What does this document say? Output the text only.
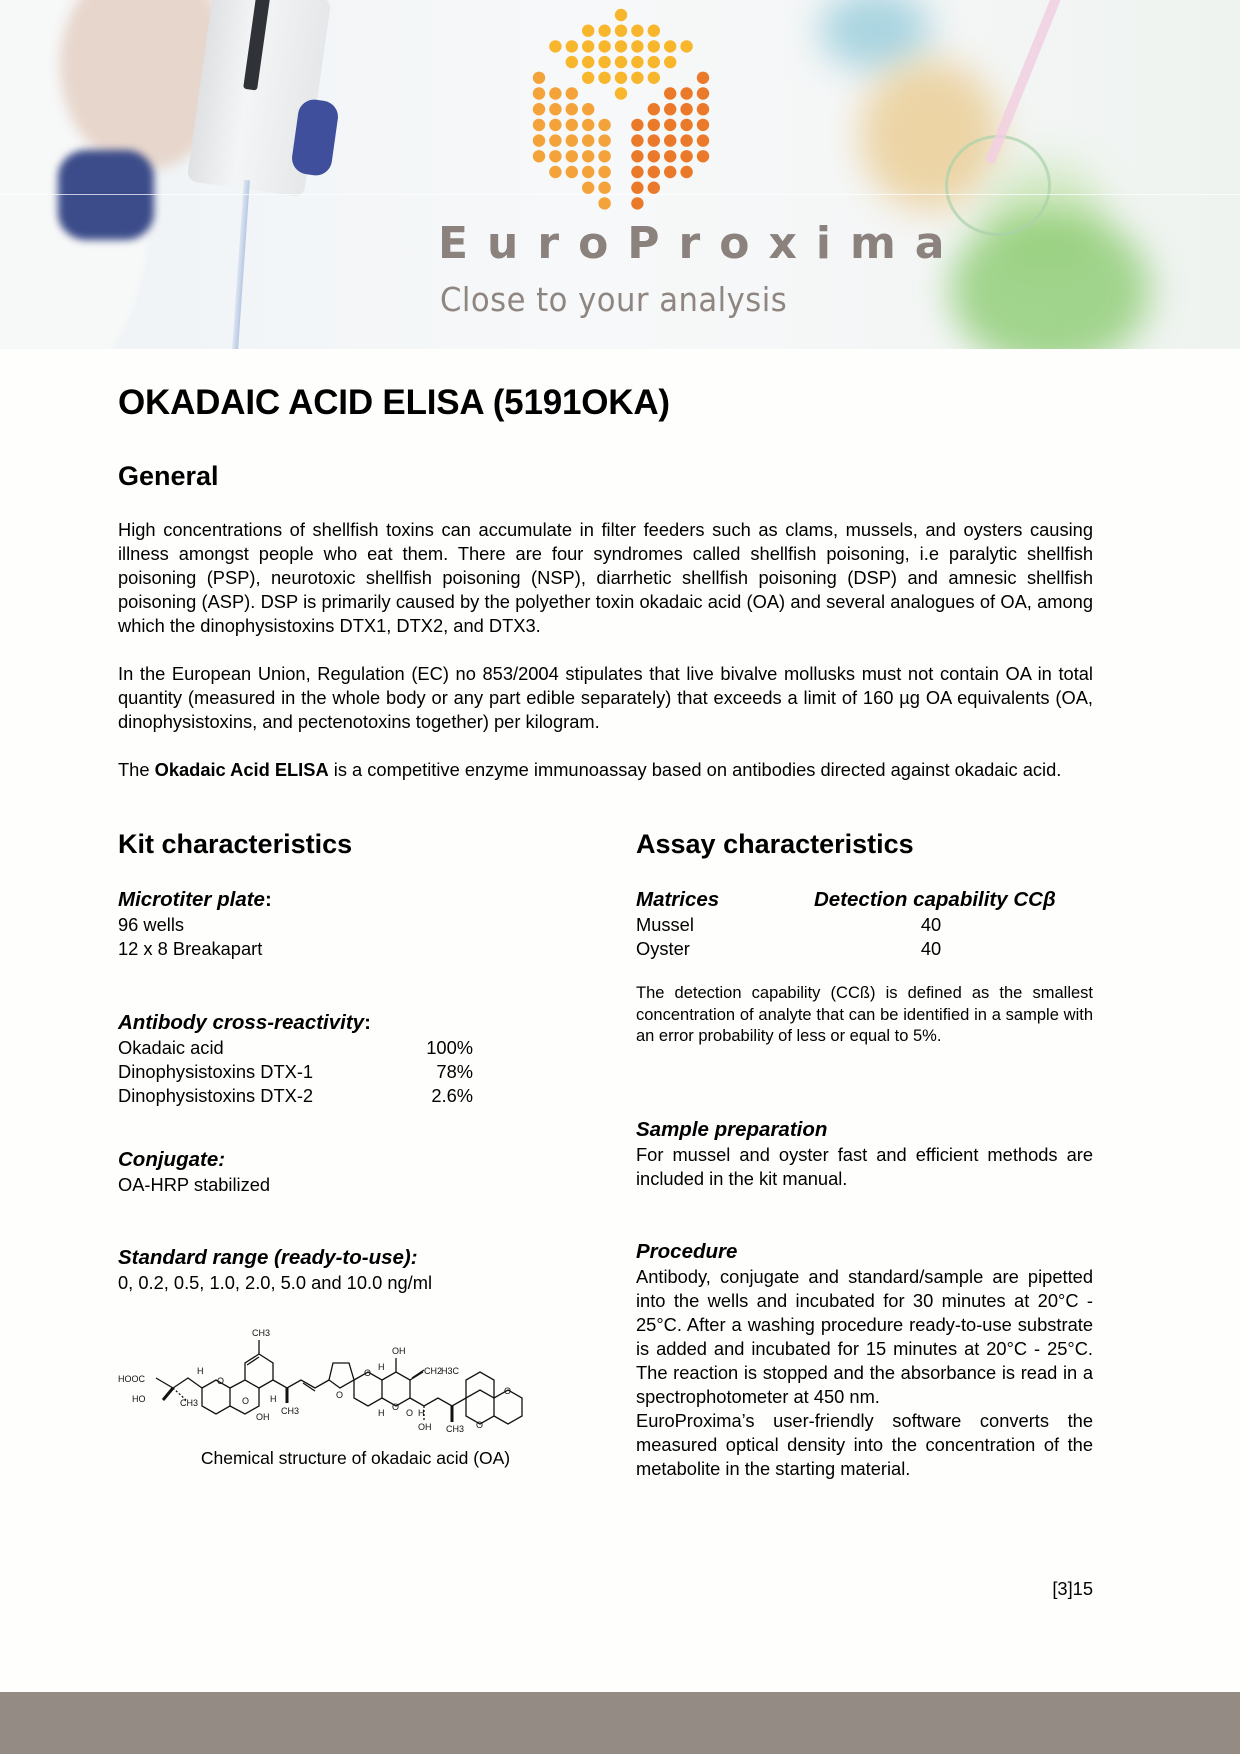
EuroProxima
Close to your analysis
OKADAIC ACID ELISA (5191OKA)
General

High concentrations of shellfish toxins can accumulate in filter feeders such as clams, mussels, and oysters causing illness amongst people who eat them. There are four syndromes called shellfish poisoning, i.e paralytic shellfish poisoning (PSP), neurotoxic shellfish poisoning (NSP), diarrhetic shellfish poisoning (DSP) and amnesic shellfish poisoning (ASP). DSP is primarily caused by the polyether toxin okadaic acid (OA) and several analogues of OA, among which the dinophysistoxins DTX1, DTX2, and DTX3.

In the European Union, Regulation (EC) no 853/2004 stipulates that live bivalve mollusks must not contain OA in total quantity (measured in the whole body or any part edible separately) that exceeds a limit of 160 µg OA equivalents (OA, dinophysistoxins, and pectenotoxins together) per kilogram.

The Okadaic Acid ELISA is a competitive enzyme immunoassay based on antibodies directed against okadaic acid.

Kit characteristics

Microtiter plate:

96 wells

12 x 8 Breakapart

Antibody cross-reactivity:

Okadaic acid	100%
Dinophysistoxins DTX-1	78%
Dinophysistoxins DTX-2	2.6%

Conjugate:

OA-HRP stabilized

Standard range (ready-to-use):

0, 0.2, 0.5, 1.0, 2.0, 5.0 and 10.0 ng/ml

HOOC
HO	CH3
H
O
CH3
O
OH
H
CH3
O
O
H
OH
CH2
H3C
O
H O H
OH CH3 O
O
Chemical structure of okadaic acid (OA)
Assay characteristics
Matrices	Detection capability CCβ
Mussel	40
Oyster	40

The detection capability (CCß) is defined as the smallest concentration of analyte that can be identified in a sample with an error probability of less or equal to 5%.

Sample preparation

For mussel and oyster fast and efficient methods are included in the kit manual.

Procedure

Antibody, conjugate and standard/sample are pipetted into the wells and incubated for 30 minutes at 20°C - 25°C. After a washing procedure ready-to-use substrate is added and incubated for 15 minutes at 20°C - 25°C. The reaction is stopped and the absorbance is read in a spectrophotometer at 450 nm.

EuroProxima’s user-friendly software converts the measured optical density into the concentration of the metabolite in the starting material.

[3]15
